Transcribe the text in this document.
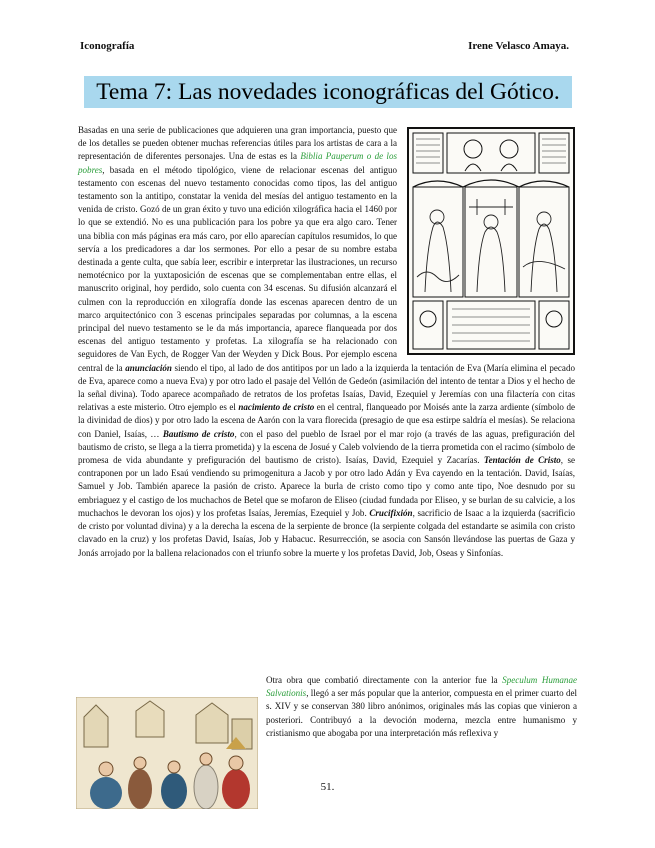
Iconografía	Irene Velasco Amaya.
Tema 7: Las novedades iconográficas del Gótico.

Basadas en una serie de publicaciones que adquieren una gran importancia, puesto que de los detalles se pueden obtener muchas referencias útiles para los artistas de cara a la representación de diferentes personajes. Una de estas es la Biblia Pauperum o de los pobres, basada en el método tipológico, viene de relacionar escenas del antiguo testamento con escenas del nuevo testamento conocidas como tipos, las del antiguo testamento son la antitipo, constatar la venida del mesías del antiguo testamento en la venida de cristo. Gozó de un gran éxito y tuvo una edición xilográfica hacia el 1460 por lo que se extendió. No es una publicación para los pobre ya que era algo caro. Tener una biblia con más páginas era más caro, por ello aparecían capítulos resumidos, lo que servía a los predicadores a dar los sermones. Por ello a pesar de su nombre estaba destinada a gente culta, que sabía leer, escribir e interpretar las ilustraciones, un recurso nemotécnico por la yuxtaposición de escenas que se complementaban entre ellas, el manuscrito original, hoy perdido, solo cuenta con 34 escenas. Su difusión alcanzará el culmen con la reproducción en xilografía donde las escenas aparecen dentro de un marco arquitectónico con 3 escenas principales separadas por columnas, a la escena principal del nuevo testamento se le da más importancia, aparece flanqueada por dos escenas del antiguo testamento y profetas. La xilografía se ha relacionado con seguidores de Van Eych, de Rogger Van der Weyden y Dick Bous. Por ejemplo escena central de la anunciación siendo el tipo, al lado de dos antitipos por un lado a la izquierda la tentación de Eva (María elimina el pecado de Eva, aparece como a nueva Eva) y por otro lado el pasaje del Vellón de Gedeón (asimilación del intento de tentar a Dios y el hecho de la señal divina). Todo aparece acompañado de retratos de los profetas Isaías, David, Ezequiel y Jeremías con una filactería con citas relativas a este misterio. Otro ejemplo es el nacimiento de cristo en el central, flanqueado por Moisés ante la zarza ardiente (símbolo de la divinidad de dios) y por otro lado la escena de Aarón con la vara florecida (presagio de que esa estirpe saldría el mesías). Se relaciona con Daniel, Isaías, … Bautismo de cristo, con el paso del pueblo de Israel por el mar rojo (a través de las aguas, prefiguración del bautismo de cristo, se llega a la tierra prometida) y la escena de Josué y Caleb volviendo de la tierra prometida con el racimo (símbolo de promesa de vida abundante y prefiguración del bautismo de cristo). Isaías, David, Ezequiel y Zacarías. Tentación de Cristo, se contraponen por un lado Esaú vendiendo su primogenitura a Jacob y por otro lado Adán y Eva cayendo en la tentación. David, Isaías, Samuel y Job. También aparece la pasión de cristo. Aparece la burla de cristo como tipo y como ante tipo, Noe desnudo por su embriaguez y el castigo de los muchachos de Betel que se mofaron de Eliseo (ciudad fundada por Eliseo, y se burlan de su calvicie, a los muchachos le devoran los ojos) y los profetas Isaías, Jeremías, Ezequiel y Job. Crucifixión, sacrificio de Isaac a la izquierda (sacrificio de cristo por voluntad divina) y a la derecha la escena de la serpiente de bronce (la serpiente colgada del estandarte se asimila con cristo clavado en la cruz) y los profetas David, Isaías, Job y Habacuc. Resurrección, se asocia con Sansón llevándose las puertas de Gaza y Jonás arrojado por la ballena relacionados con el triunfo sobre la muerte y los profetas David, Job, Oseas y Sinfonías.

Otra obra que combatió directamente con la anterior fue la Speculum Humanae Salvationis, llegó a ser más popular que la anterior, compuesta en el primer cuarto del s. XIV y se conservan 380 libro anónimos, originales más las copias que vinieron a posteriori. Contribuyó a la devoción moderna, mezcla entre humanismo y cristianismo que abogaba por una interpretación más reflexiva y

51.
